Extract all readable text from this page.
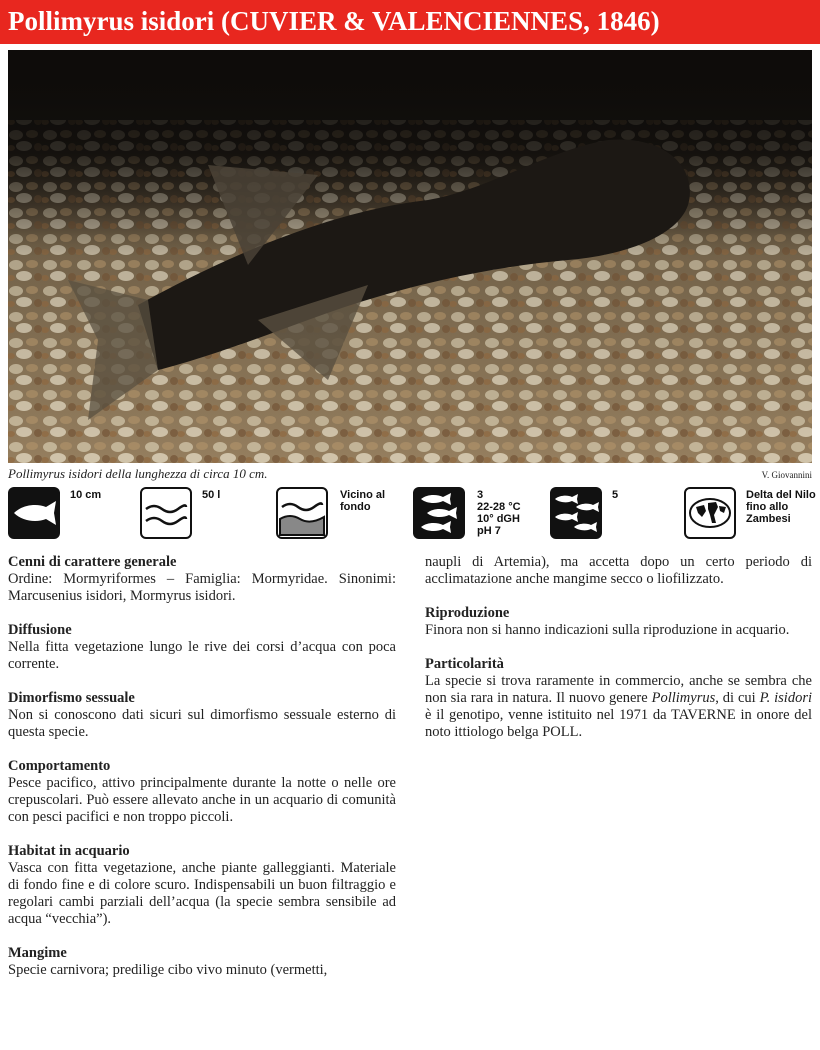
Pollimyrus isidori (CUVIER & VALENCIENNES, 1846)
Pollimyrus isidori della lunghezza di circa 10 cm.	V. Giovannini
10 cm	50 l	Vicino al
fondo
3
22-28 °C
10° dGH
pH 7
5	Delta del Nilo
fino allo
Zambesi
Cenni di carattere generale

Ordine: Mormyriformes – Famiglia: Mormyridae. Sinonimi: Marcusenius isidori, Mormyrus isidori.

Diffusione

Nella fitta vegetazione lungo le rive dei corsi d’acqua con poca corrente.

Dimorfismo sessuale

Non si conoscono dati sicuri sul dimorfismo sessuale esterno di questa specie.

Comportamento

Pesce pacifico, attivo principalmente durante la notte o nelle ore crepuscolari. Può essere allevato anche in un acquario di comunità con pesci pacifici e non troppo piccoli.

Habitat in acquario

Vasca con fitta vegetazione, anche piante galleggianti. Materiale di fondo fine e di colore scuro. Indispensabili un buon filtraggio e regolari cambi parziali dell’acqua (la specie sembra sensibile ad acqua “vecchia”).

Mangime

Specie carnivora; predilige cibo vivo minuto (vermetti,

naupli di Artemia), ma accetta dopo un certo periodo di acclimatazione anche mangime secco o liofilizzato.

Riproduzione

Finora non si hanno indicazioni sulla riproduzione in acquario.

Particolarità

La specie si trova raramente in commercio, anche se sembra che non sia rara in natura. Il nuovo genere Pollimyrus, di cui P. isidori è il genotipo, venne istituito nel 1971 da TAVERNE in onore del noto ittiologo belga POLL.
